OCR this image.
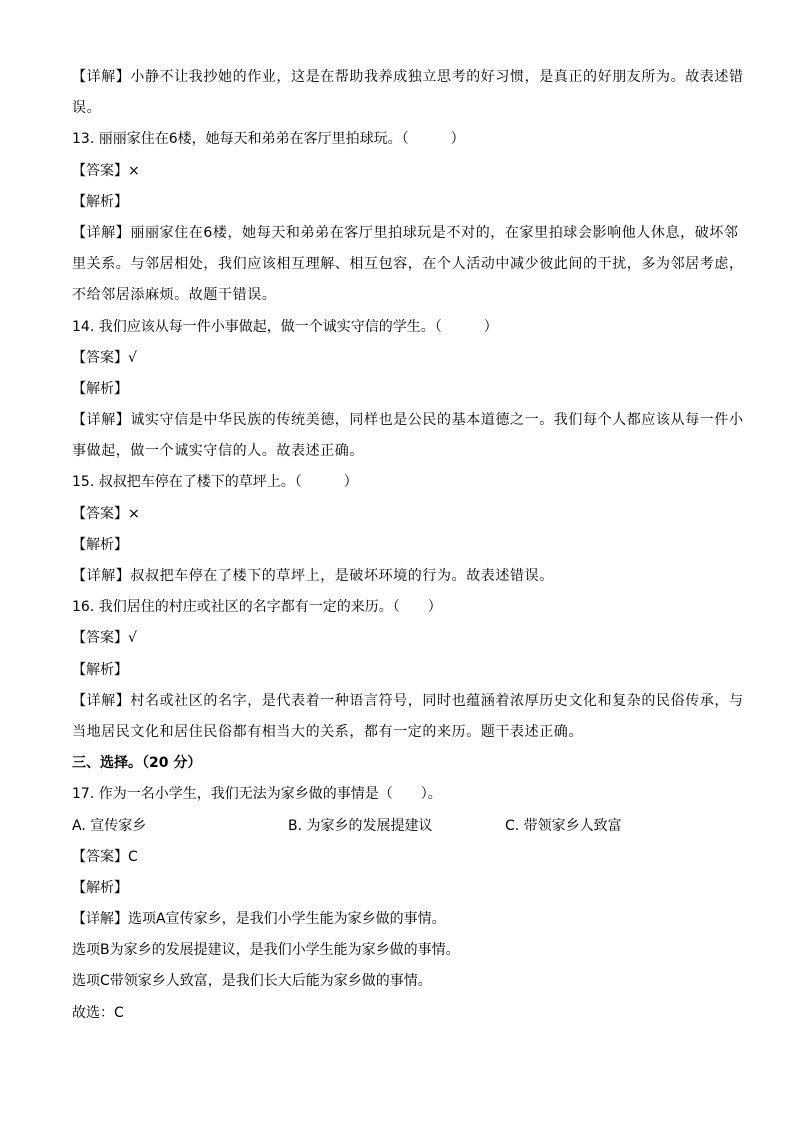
【详解】小静不让我抄她的作业，这是在帮助我养成独立思考的好习惯，是真正的好朋友所为。故表述错
误。
13. 丽丽家住在6楼，她每天和弟弟在客厅里拍球玩。（　　　）
【答案】×
【解析】
【详解】丽丽家住在6楼，她每天和弟弟在客厅里拍球玩是不对的，在家里拍球会影响他人休息，破坏邻
里关系。与邻居相处，我们应该相互理解、相互包容，在个人活动中减少彼此间的干扰，多为邻居考虑，
不给邻居添麻烦。故题干错误。
14. 我们应该从每一件小事做起，做一个诚实守信的学生。（　　　）
【答案】√
【解析】
【详解】诚实守信是中华民族的传统美德，同样也是公民的基本道德之一。我们每个人都应该从每一件小
事做起，做一个诚实守信的人。故表述正确。
15. 叔叔把车停在了楼下的草坪上。（　　　）
【答案】×
【解析】
【详解】叔叔把车停在了楼下的草坪上，是破坏环境的行为。故表述错误。
16. 我们居住的村庄或社区的名字都有一定的来历。（　　）
【答案】√
【解析】
【详解】村名或社区的名字，是代表着一种语言符号，同时也蕴涵着浓厚历史文化和复杂的民俗传承，与
当地居民文化和居住民俗都有相当大的关系，都有一定的来历。题干表述正确。
三、选择。（20 分）
17. 作为一名小学生，我们无法为家乡做的事情是（　　）。
A. 宣传家乡	B. 为家乡的发展提建议	C. 带领家乡人致富
【答案】C
【解析】
【详解】选项A宣传家乡，是我们小学生能为家乡做的事情。
选项B为家乡的发展提建议，是我们小学生能为家乡做的事情。
选项C带领家乡人致富，是我们长大后能为家乡做的事情。
故选：C
